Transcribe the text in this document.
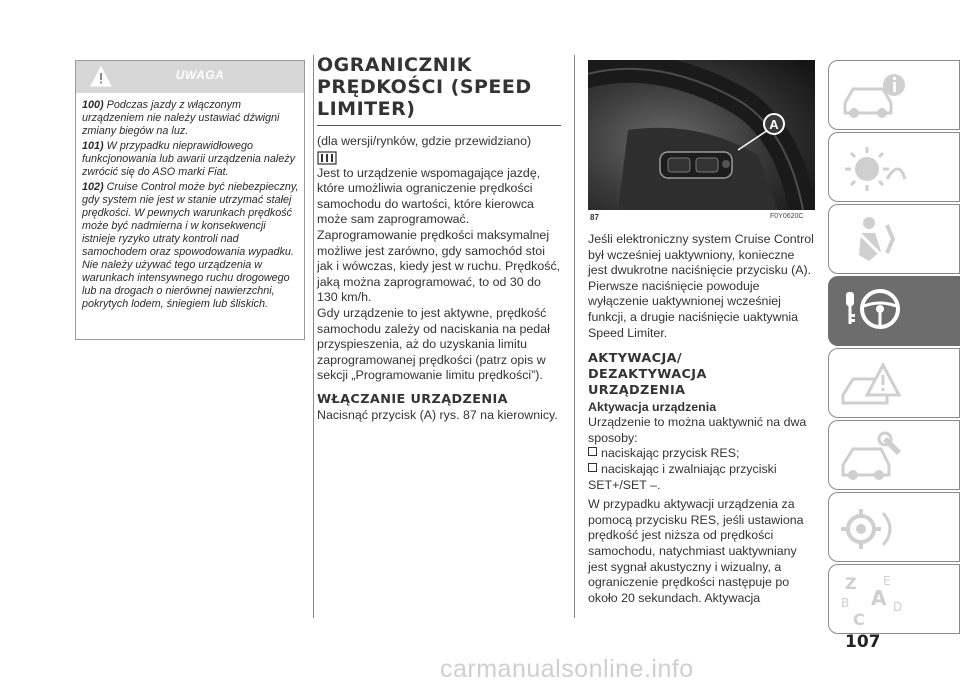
UWAGA

100) Podczas jazdy z włączonym urządzeniem nie należy ustawiać dźwigni zmiany biegów na luz.

101) W przypadku nieprawidłowego funkcjonowania lub awarii urządzenia należy zwrócić się do ASO marki Fiat.

102) Cruise Control może być niebezpieczny, gdy system nie jest w stanie utrzymać stałej prędkości. W pewnych warunkach prędkość może być nadmierna i w konsekwencji istnieje ryzyko utraty kontroli nad samochodem oraz spowodowania wypadku. Nie należy używać tego urządzenia w warunkach intensywnego ruchu drogowego lub na drogach o nierównej nawierzchni, pokrytych lodem, śniegiem lub śliskich.

OGRANICZNIK
PRĘDKOŚCI (SPEED
LIMITER)
(dla wersji/rynków, gdzie przewidziano)
Jest to urządzenie wspomagające jazdę, które umożliwia ograniczenie prędkości samochodu do wartości, które kierowca może sam zaprogramować. Zaprogramowanie prędkości maksymalnej możliwe jest zarówno, gdy samochód stoi jak i wówczas, kiedy jest w ruchu. Prędkość, jaką można zaprogramować, to od 30 do 130 km/h.
Gdy urządzenie to jest aktywne, prędkość samochodu zależy od naciskania na pedał przyspieszenia, aż do uzyskania limitu zaprogramowanej prędkości (patrz opis w sekcji „Programowanie limitu prędkości”).
WŁĄCZANIE URZĄDZENIA
Nacisnąć przycisk (A) rys. 87 na kierownicy.
A
87	F0Y0620C
Jeśli elektroniczny system Cruise Control był wcześniej uaktywniony, konieczne jest dwukrotne naciśnięcie przycisku (A). Pierwsze naciśnięcie powoduje wyłączenie uaktywnionej wcześniej funkcji, a drugie naciśnięcie uaktywnia Speed Limiter.
AKTYWACJA/
DEZAKTYWACJA
URZĄDZENIA
Aktywacja urządzenia
Urządzenie to można uaktywnić na dwa sposoby:
naciskając przycisk RES;
naciskając i zwalniając przyciski SET+/SET –.
W przypadku aktywacji urządzenia za pomocą przycisku RES, jeśli ustawiona prędkość jest niższa od prędkości samochodu, natychmiast uaktywniany jest sygnał akustyczny i wizualny, a ograniczenie prędkości następuje po około 20 sekundach. Aktywacja
Z E
B A
C
D
107
carmanualsonline.info
